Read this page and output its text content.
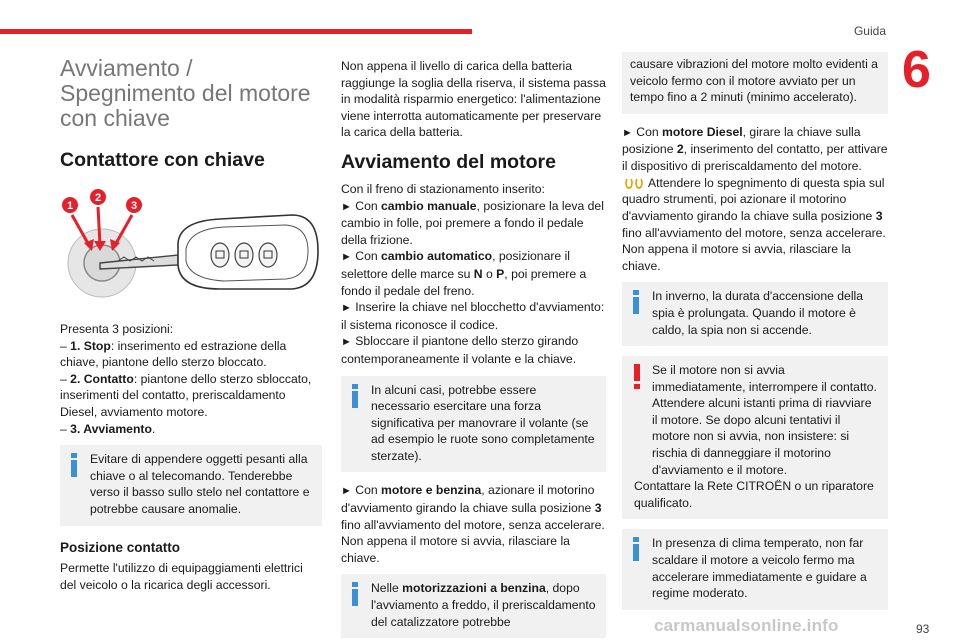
Guida
6
Avviamento /
Spegnimento del motore
con chiave
Contattore con chiave
1
2
3

Presenta 3 posizioni:

– 1. Stop: inserimento ed estrazione della chiave, piantone dello sterzo bloccato.

– 2. Contatto: piantone dello sterzo sbloccato, inserimenti del contatto, preriscaldamento Diesel, avviamento motore.

– 3. Avviamento.

Evitare di appendere oggetti pesanti alla chiave o al telecomando. Tenderebbe verso il basso sullo stelo nel contattore e potrebbe causare anomalie.

Posizione contatto

Permette l'utilizzo di equipaggiamenti elettrici del veicolo o la ricarica degli accessori.

Non appena il livello di carica della batteria raggiunge la soglia della riserva, il sistema passa in modalità risparmio energetico: l'alimentazione viene interrotta automaticamente per preservare la carica della batteria.

Avviamento del motore

Con il freno di stazionamento inserito:

► Con cambio manuale, posizionare la leva del cambio in folle, poi premere a fondo il pedale della frizione.

► Con cambio automatico, posizionare il selettore delle marce su N o P, poi premere a fondo il pedale del freno.

► Inserire la chiave nel blocchetto d'avviamento: il sistema riconosce il codice.

► Sbloccare il piantone dello sterzo girando contemporaneamente il volante e la chiave.

In alcuni casi, potrebbe essere necessario esercitare una forza significativa per manovrare il volante (se ad esempio le ruote sono completamente sterzate).

► Con motore e benzina, azionare il motorino d'avviamento girando la chiave sulla posizione 3 fino all'avviamento del motore, senza accelerare. Non appena il motore si avvia, rilasciare la chiave.

Nelle motorizzazioni a benzina, dopo l'avviamento a freddo, il preriscaldamento del catalizzatore potrebbe

causare vibrazioni del motore molto evidenti a veicolo fermo con il motore avviato per un tempo fino a 2 minuti (minimo accelerato).

► Con motore Diesel, girare la chiave sulla posizione 2, inserimento del contatto, per attivare il dispositivo di preriscaldamento del motore.

Attendere lo spegnimento di questa spia sul quadro strumenti, poi azionare il motorino d'avviamento girando la chiave sulla posizione 3 fino all'avviamento del motore, senza accelerare. Non appena il motore si avvia, rilasciare la chiave.

In inverno, la durata d'accensione della spia è prolungata. Quando il motore è caldo, la spia non si accende.

Se il motore non si avvia immediatamente, interrompere il contatto. Attendere alcuni istanti prima di riavviare il motore. Se dopo alcuni tentativi il motore non si avvia, non insistere: si rischia di danneggiare il motorino d'avviamento e il motore.

Contattare la Rete CITROËN o un riparatore qualificato.

In presenza di clima temperato, non far scaldare il motore a veicolo fermo ma accelerare immediatamente e guidare a regime moderato.

carmanualsonline.info	93
